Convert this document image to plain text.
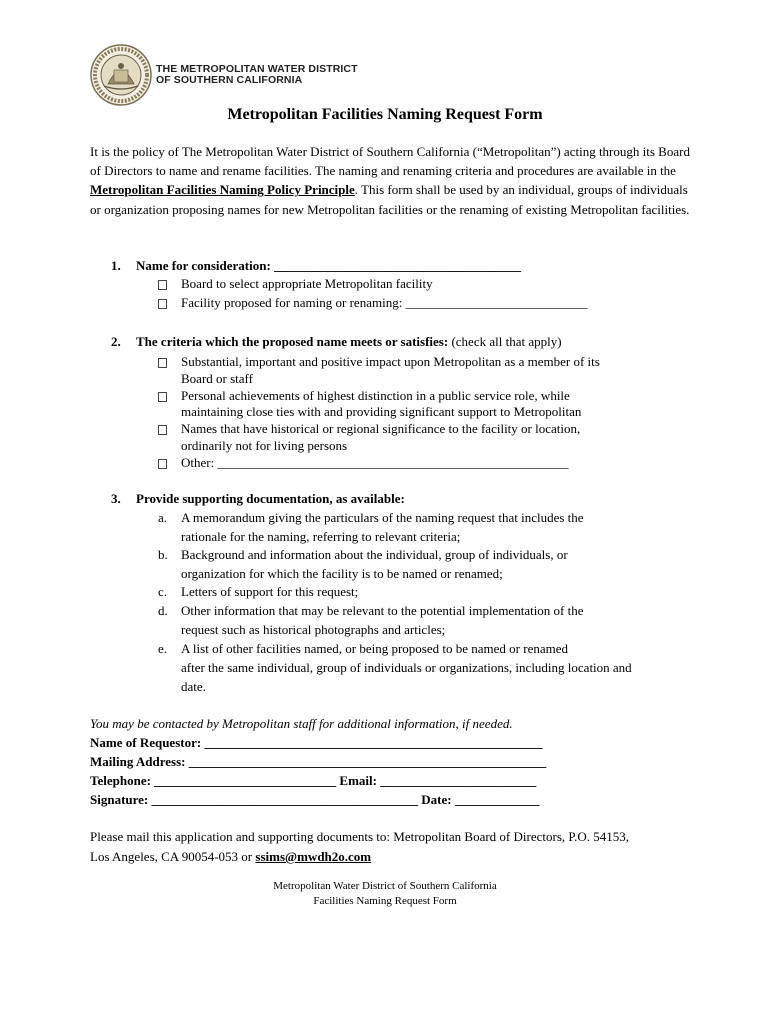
THE METROPOLITAN WATER DISTRICT
OF SOUTHERN CALIFORNIA
Metropolitan Facilities Naming Request Form
It is the policy of The Metropolitan Water District of Southern California (“Metropolitan”) acting through its Board of Directors to name and rename facilities. The naming and renaming criteria and procedures are available in the Metropolitan Facilities Naming Policy Principle. This form shall be used by an individual, groups of individuals or organization proposing names for new Metropolitan facilities or the renaming of existing Metropolitan facilities.
1. Name for consideration: ______________________________________
Board to select appropriate Metropolitan facility
Facility proposed for naming or renaming: ____________________________
2. The criteria which the proposed name meets or satisfies: (check all that apply)
Substantial, important and positive impact upon Metropolitan as a member of its
Board or staff
Personal achievements of highest distinction in a public service role, while
maintaining close ties with and providing significant support to Metropolitan
Names that have historical or regional significance to the facility or location,
ordinarily not for living persons
Other: ______________________________________________________
3. Provide supporting documentation, as available:
a. A memorandum giving the particulars of the naming request that includes the
rationale for the naming, referring to relevant criteria;
b. Background and information about the individual, group of individuals, or
organization for which the facility is to be named or renamed;
c. Letters of support for this request;
d. Other information that may be relevant to the potential implementation of the
request such as historical photographs and articles;
e. A list of other facilities named, or being proposed to be named or renamed
after the same individual, group of individuals or organizations, including location and
date.
You may be contacted by Metropolitan staff for additional information, if needed.
Name of Requestor: ____________________________________________________
Mailing Address: _______________________________________________________
Telephone: ____________________________ Email: ________________________
Signature: _________________________________________ Date: _____________
Please mail this application and supporting documents to: Metropolitan Board of Directors, P.O. 54153,
Los Angeles, CA 90054-053 or ssims@mwdh2o.com
Metropolitan Water District of Southern California
Facilities Naming Request Form
